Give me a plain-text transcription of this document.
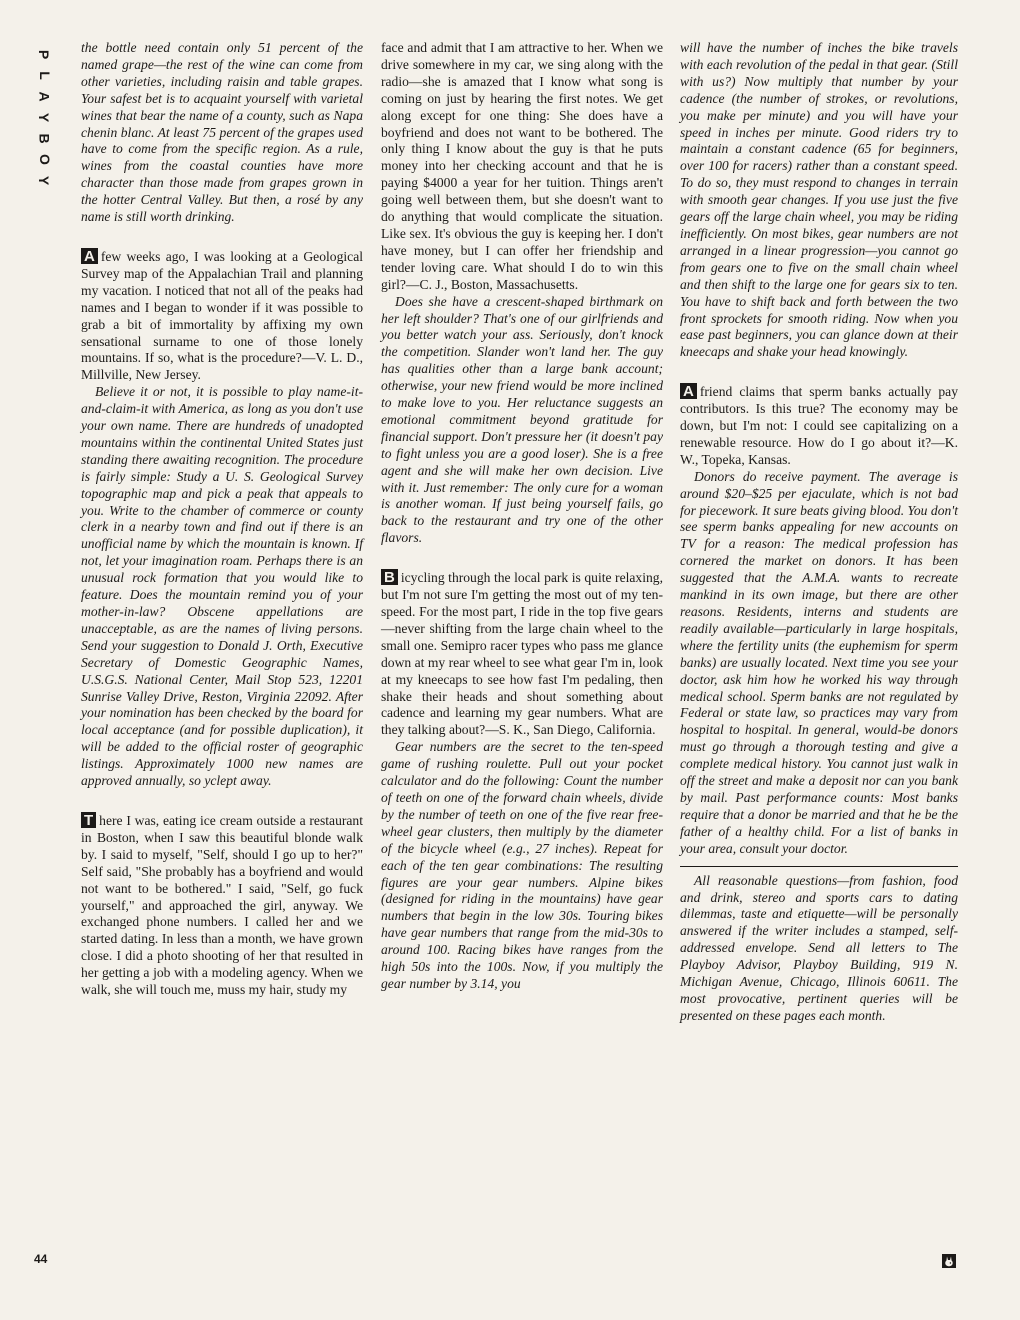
P
L
A
Y
B
O
Y
44

the bottle need contain only 51 percent of the named grape—the rest of the wine can come from other varieties, including raisin and table grapes. Your safest bet is to acquaint yourself with varietal wines that bear the name of a county, such as Napa chenin blanc. At least 75 percent of the grapes used have to come from the specific region. As a rule, wines from the coastal counties have more character than those made from grapes grown in the hotter Central Valley. But then, a rosé by any name is still worth drinking.

A few weeks ago, I was looking at a Geological Survey map of the Appalachian Trail and planning my vacation. I noticed that not all of the peaks had names and I began to wonder if it was possible to grab a bit of immortality by affixing my own sensational surname to one of those lonely mountains. If so, what is the procedure?—V. L. D., Millville, New Jersey.

Believe it or not, it is possible to play name-it-and-claim-it with America, as long as you don't use your own name. There are hundreds of unadopted mountains within the continental United States just standing there awaiting recognition. The procedure is fairly simple: Study a U. S. Geological Survey topographic map and pick a peak that appeals to you. Write to the chamber of commerce or county clerk in a nearby town and find out if there is an unofficial name by which the mountain is known. If not, let your imagination roam. Perhaps there is an unusual rock formation that you would like to feature. Does the mountain remind you of your mother-in-law? Obscene appellations are unacceptable, as are the names of living persons. Send your suggestion to Donald J. Orth, Executive Secretary of Domestic Geographic Names, U.S.G.S. National Center, Mail Stop 523, 12201 Sunrise Valley Drive, Reston, Virginia 22092. After your nomination has been checked by the board for local acceptance (and for possible duplication), it will be added to the official roster of geographic listings. Approximately 1000 new names are approved annually, so yclept away.

T here I was, eating ice cream outside a restaurant in Boston, when I saw this beautiful blonde walk by. I said to myself, "Self, should I go up to her?" Self said, "She probably has a boyfriend and would not want to be bothered." I said, "Self, go fuck yourself," and approached the girl, anyway. We exchanged phone numbers. I called her and we started dating. In less than a month, we have grown close. I did a photo shooting of her that resulted in her getting a job with a modeling agency. When we walk, she will touch me, muss my hair, study my

face and admit that I am attractive to her. When we drive somewhere in my car, we sing along with the radio—she is amazed that I know what song is coming on just by hearing the first notes. We get along except for one thing: She does have a boyfriend and does not want to be bothered. The only thing I know about the guy is that he puts money into her checking account and that he is paying $4000 a year for her tuition. Things aren't going well between them, but she doesn't want to do anything that would complicate the situation. Like sex. It's obvious the guy is keeping her. I don't have money, but I can offer her friendship and tender loving care. What should I do to win this girl?—C. J., Boston, Massachusetts.

Does she have a crescent-shaped birthmark on her left shoulder? That's one of our girlfriends and you better watch your ass. Seriously, don't knock the competition. Slander won't land her. The guy has qualities other than a large bank account; otherwise, your new friend would be more inclined to make love to you. Her reluctance suggests an emotional commitment beyond gratitude for financial support. Don't pressure her (it doesn't pay to fight unless you are a good loser). She is a free agent and she will make her own decision. Live with it. Just remember: The only cure for a woman is another woman. If just being yourself fails, go back to the restaurant and try one of the other flavors.

B icycling through the local park is quite relaxing, but I'm not sure I'm getting the most out of my ten-speed. For the most part, I ride in the top five gears—never shifting from the large chain wheel to the small one. Semipro racer types who pass me glance down at my rear wheel to see what gear I'm in, look at my kneecaps to see how fast I'm pedaling, then shake their heads and shout something about cadence and learning my gear numbers. What are they talking about?—S. K., San Diego, California.

Gear numbers are the secret to the ten-speed game of rushing roulette. Pull out your pocket calculator and do the following: Count the number of teeth on one of the forward chain wheels, divide by the number of teeth on one of the five rear free-wheel gear clusters, then multiply by the diameter of the bicycle wheel (e.g., 27 inches). Repeat for each of the ten gear combinations: The resulting figures are your gear numbers. Alpine bikes (designed for riding in the mountains) have gear numbers that begin in the low 30s. Touring bikes have gear numbers that range from the mid-30s to around 100. Racing bikes have ranges from the high 50s into the 100s. Now, if you multiply the gear number by 3.14, you

will have the number of inches the bike travels with each revolution of the pedal in that gear. (Still with us?) Now multiply that number by your cadence (the number of strokes, or revolutions, you make per minute) and you will have your speed in inches per minute. Good riders try to maintain a constant cadence (65 for beginners, over 100 for racers) rather than a constant speed. To do so, they must respond to changes in terrain with smooth gear changes. If you use just the five gears off the large chain wheel, you may be riding inefficiently. On most bikes, gear numbers are not arranged in a linear progression—you cannot go from gears one to five on the small chain wheel and then shift to the large one for gears six to ten. You have to shift back and forth between the two front sprockets for smooth riding. Now when you ease past beginners, you can glance down at their kneecaps and shake your head knowingly.

A friend claims that sperm banks actually pay contributors. Is this true? The economy may be down, but I'm not: I could see capitalizing on a renewable resource. How do I go about it?—K. W., Topeka, Kansas.

Donors do receive payment. The average is around $20–$25 per ejaculate, which is not bad for piecework. It sure beats giving blood. You don't see sperm banks appealing for new accounts on TV for a reason: The medical profession has cornered the market on donors. It has been suggested that the A.M.A. wants to recreate mankind in its own image, but there are other reasons. Residents, interns and students are readily available—particularly in large hospitals, where the fertility units (the euphemism for sperm banks) are usually located. Next time you see your doctor, ask him how he worked his way through medical school. Sperm banks are not regulated by Federal or state law, so practices may vary from hospital to hospital. In general, would-be donors must go through a thorough testing and give a complete medical history. You cannot just walk in off the street and make a deposit nor can you bank by mail. Past performance counts: Most banks require that a donor be married and that he be the father of a healthy child. For a list of banks in your area, consult your doctor.

All reasonable questions—from fashion, food and drink, stereo and sports cars to dating dilemmas, taste and etiquette—will be personally answered if the writer includes a stamped, self-addressed envelope. Send all letters to The Playboy Advisor, Playboy Building, 919 N. Michigan Avenue, Chicago, Illinois 60611. The most provocative, pertinent queries will be presented on these pages each month.
